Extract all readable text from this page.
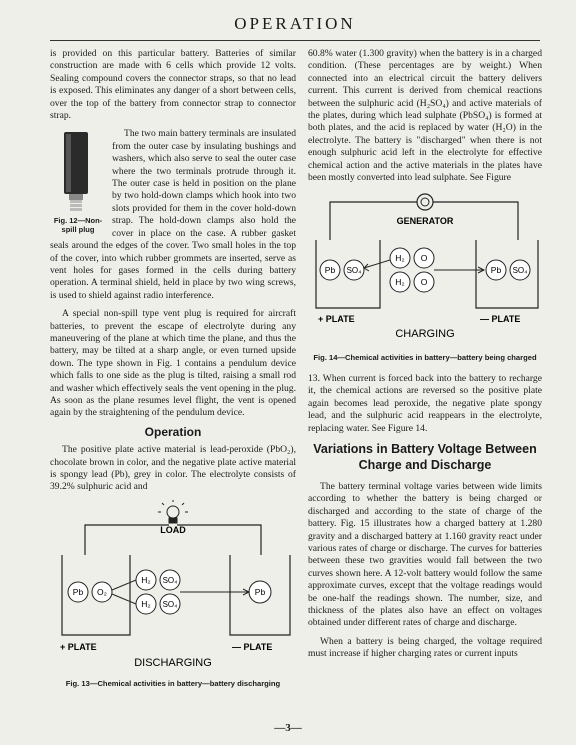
OPERATION

is provided on this particular battery. Batteries of similar construction are made with 6 cells which provide 12 volts. Sealing compound covers the connector straps, so that no lead is exposed. This eliminates any danger of a short between cells, over the top of the battery from connector strap to connector strap.

Fig. 12—Non-spill plug

The two main battery terminals are insulated from the outer case by insulating bushings and washers, which also serve to seal the outer case where the two terminals protrude through it. The outer case is held in position on the plane by two hold-down clamps which hook into two slots provided for them in the cover hold-down strap. The hold-down clamps also hold the cover in place on the case. A rubber gasket seals around the edges of the cover. Two small holes in the top of the cover, into which rubber grommets are inserted, serve as vent holes for gases formed in the cells during battery operation. A terminal shield, held in place by two wing screws, is used to shield against radio interference.

A special non-spill type vent plug is required for aircraft batteries, to prevent the escape of electrolyte during any maneuvering of the plane at which time the plane, and thus the battery, may be tilted at a sharp angle, or even turned upside down. The type shown in Fig. 1 contains a pendulum device which falls to one side as the plug is tilted, raising a small rod and washer which effectively seals the vent opening in the plug. As soon as the plane resumes level flight, the vent is opened again by the straightening of the pendulum device.

Operation

The positive plate active material is lead-peroxide (PbO₂), chocolate brown in color, and the negative plate active material is spongy lead (Pb), grey in color. The electrolyte consists of 39.2% sulphuric acid and

LOAD
Pb O₂
H₂ SO₄
H₂ SO₄
Pb
+ PLATE	— PLATE
DISCHARGING
Fig. 13—Chemical activities in battery—battery discharging

60.8% water (1.300 gravity) when the battery is in a charged condition. (These percentages are by weight.) When connected into an electrical circuit the battery delivers current. This current is derived from chemical reactions between the sulphuric acid (H₂SO₄) and active materials of the plates, during which lead sulphate (PbSO₄) is formed at both plates, and the acid is replaced by water (H₂O) in the electrolyte. The battery is "discharged" when there is not enough sulphuric acid left in the electrolyte for effective chemical action and the active materials in the plates have been mostly converted into lead sulphate. See Figure

GENERATOR
Pb SO₄
H₂ O
H₂ O
Pb SO₄
+ PLATE	— PLATE
CHARGING
Fig. 14—Chemical activities in battery—battery being charged

13. When current is forced back into the battery to recharge it, the chemical actions are reversed so the positive plate again becomes lead peroxide, the negative plate spongy lead, and the sulphuric acid reappears in the electrolyte, replacing water. See Figure 14.

Variations in Battery Voltage Between Charge and Discharge

The battery terminal voltage varies between wide limits according to whether the battery is being charged or discharged and according to the state of charge of the battery. Fig. 15 illustrates how a charged battery at 1.280 gravity and a discharged battery at 1.160 gravity react under various rates of charge or discharge. The curves for batteries between these two gravities would fall between the two curves shown here. A 12-volt battery would follow the same approximate curves, except that the voltage readings would be one-half the readings shown. The number, size, and thickness of the plates also have an effect on voltages obtained under different rates of charge and discharge.

When a battery is being charged, the voltage required must increase if higher charging rates or current inputs

—3—
